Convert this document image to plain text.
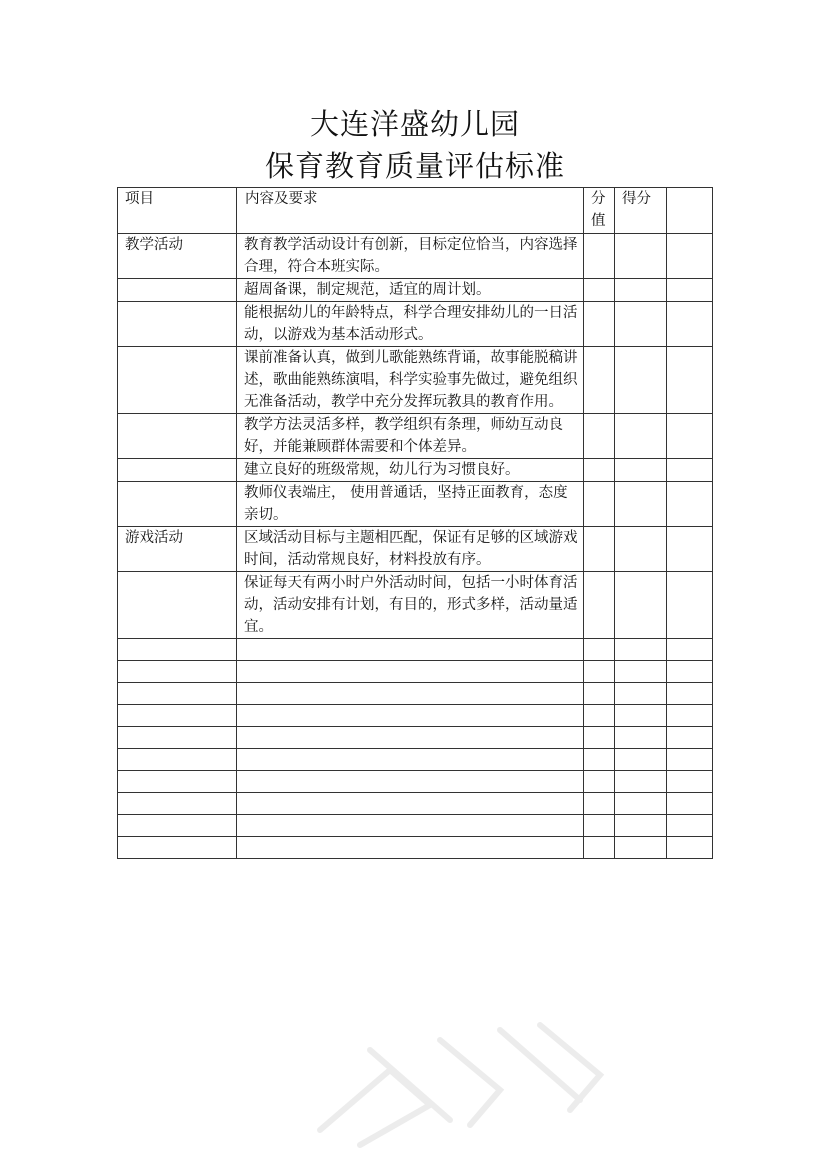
大连洋盛幼儿园
保育教育质量评估标准
项目	内容及要求	分值	得分	
教学活动	教育教学活动设计有创新，目标定位恰当，内容选择合理，符合本班实际。			
	超周备课，制定规范，适宜的周计划。			
	能根据幼儿的年龄特点，科学合理安排幼儿的一日活动，以游戏为基本活动形式。			
	课前准备认真，做到儿歌能熟练背诵，故事能脱稿讲述，歌曲能熟练演唱，科学实验事先做过，避免组织无准备活动，教学中充分发挥玩教具的教育作用。			
	教学方法灵活多样，教学组织有条理，师幼互动良好，并能兼顾群体需要和个体差异。			
	建立良好的班级常规，幼儿行为习惯良好。			
	教师仪表端庄， 使用普通话，坚持正面教育，态度亲切。			
游戏活动	区域活动目标与主题相匹配，保证有足够的区域游戏时间，活动常规良好，材料投放有序。			
	保证每天有两小时户外活动时间，包括一小时体育活动，活动安排有计划，有目的，形式多样，活动量适宜。			
